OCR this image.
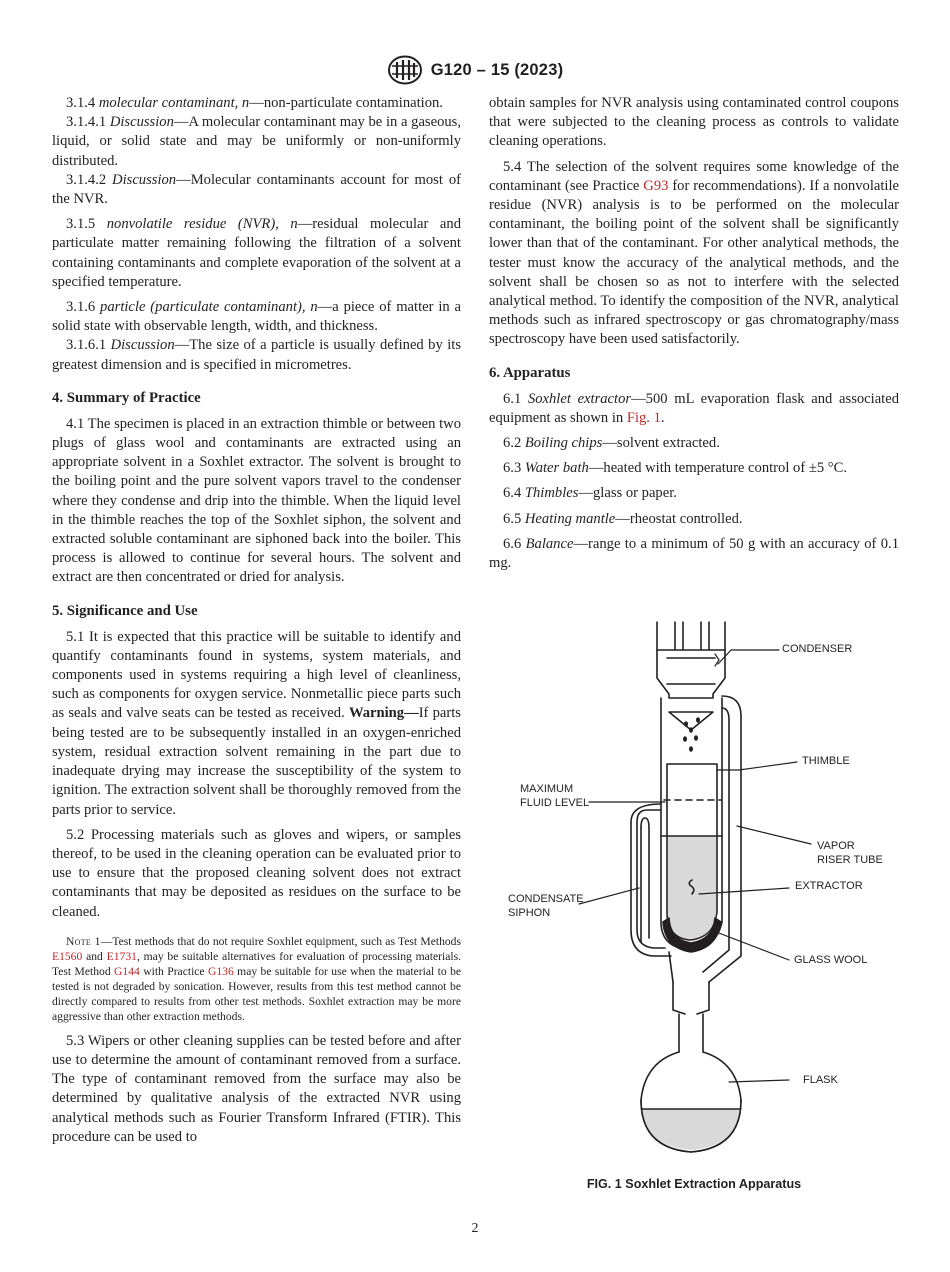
G120 – 15 (2023)

3.1.4 molecular contaminant, n—non-particulate contamination.

3.1.4.1 Discussion—A molecular contaminant may be in a gaseous, liquid, or solid state and may be uniformly or non-uniformly distributed.

3.1.4.2 Discussion—Molecular contaminants account for most of the NVR.

3.1.5 nonvolatile residue (NVR), n—residual molecular and particulate matter remaining following the filtration of a solvent containing contaminants and complete evaporation of the solvent at a specified temperature.

3.1.6 particle (particulate contaminant), n—a piece of matter in a solid state with observable length, width, and thickness.

3.1.6.1 Discussion—The size of a particle is usually defined by its greatest dimension and is specified in micrometres.

4. Summary of Practice

4.1 The specimen is placed in an extraction thimble or between two plugs of glass wool and contaminants are extracted using an appropriate solvent in a Soxhlet extractor. The solvent is brought to the boiling point and the pure solvent vapors travel to the condenser where they condense and drip into the thimble. When the liquid level in the thimble reaches the top of the Soxhlet siphon, the solvent and extracted soluble contaminant are siphoned back into the boiler. This process is allowed to continue for several hours. The solvent and extract are then concentrated or dried for analysis.

5. Significance and Use

5.1 It is expected that this practice will be suitable to identify and quantify contaminants found in systems, system materials, and components used in systems requiring a high level of cleanliness, such as components for oxygen service. Nonmetallic piece parts such as seals and valve seats can be tested as received. Warning—If parts being tested are to be subsequently installed in an oxygen-enriched system, residual extraction solvent remaining in the part due to inadequate drying may increase the susceptibility of the system to ignition. The extraction solvent shall be thoroughly removed from the parts prior to service.

5.2 Processing materials such as gloves and wipers, or samples thereof, to be used in the cleaning operation can be evaluated prior to use to ensure that the proposed cleaning solvent does not extract contaminants that may be deposited as residues on the surface to be cleaned.

Note 1—Test methods that do not require Soxhlet equipment, such as Test Methods E1560 and E1731, may be suitable alternatives for evaluation of processing materials. Test Method G144 with Practice G136 may be suitable for use when the material to be tested is not degraded by sonication. However, results from this test method cannot be directly compared to results from other test methods. Soxhlet extraction may be more aggressive than other extraction methods.

5.3 Wipers or other cleaning supplies can be tested before and after use to determine the amount of contaminant removed from a surface. The type of contaminant removed from the surface may also be determined by qualitative analysis of the extracted NVR using analytical methods such as Fourier Transform Infrared (FTIR). This procedure can be used to

obtain samples for NVR analysis using contaminated control coupons that were subjected to the cleaning process as controls to validate cleaning operations.

5.4 The selection of the solvent requires some knowledge of the contaminant (see Practice G93 for recommendations). If a nonvolatile residue (NVR) analysis is to be performed on the molecular contaminant, the boiling point of the solvent shall be significantly lower than that of the contaminant. For other analytical methods, the tester must know the accuracy of the analytical methods, and the solvent shall be chosen so as not to interfere with the selected analytical method. To identify the composition of the NVR, analytical methods such as infrared spectroscopy or gas chromatography/mass spectroscopy have been used satisfactorily.

6. Apparatus

6.1 Soxhlet extractor—500 mL evaporation flask and associated equipment as shown in Fig. 1.

6.2 Boiling chips—solvent extracted.

6.3 Water bath—heated with temperature control of ±5 °C.

6.4 Thimbles—glass or paper.

6.5 Heating mantle—rheostat controlled.

6.6 Balance—range to a minimum of 50 g with an accuracy of 0.1 mg.

CONDENSER
THIMBLE
MAXIMUM
FLUID LEVEL
VAPOR
RISER TUBE
EXTRACTOR
CONDENSATE
SIPHON
GLASS WOOL
FLASK
FIG. 1 Soxhlet Extraction Apparatus
2
